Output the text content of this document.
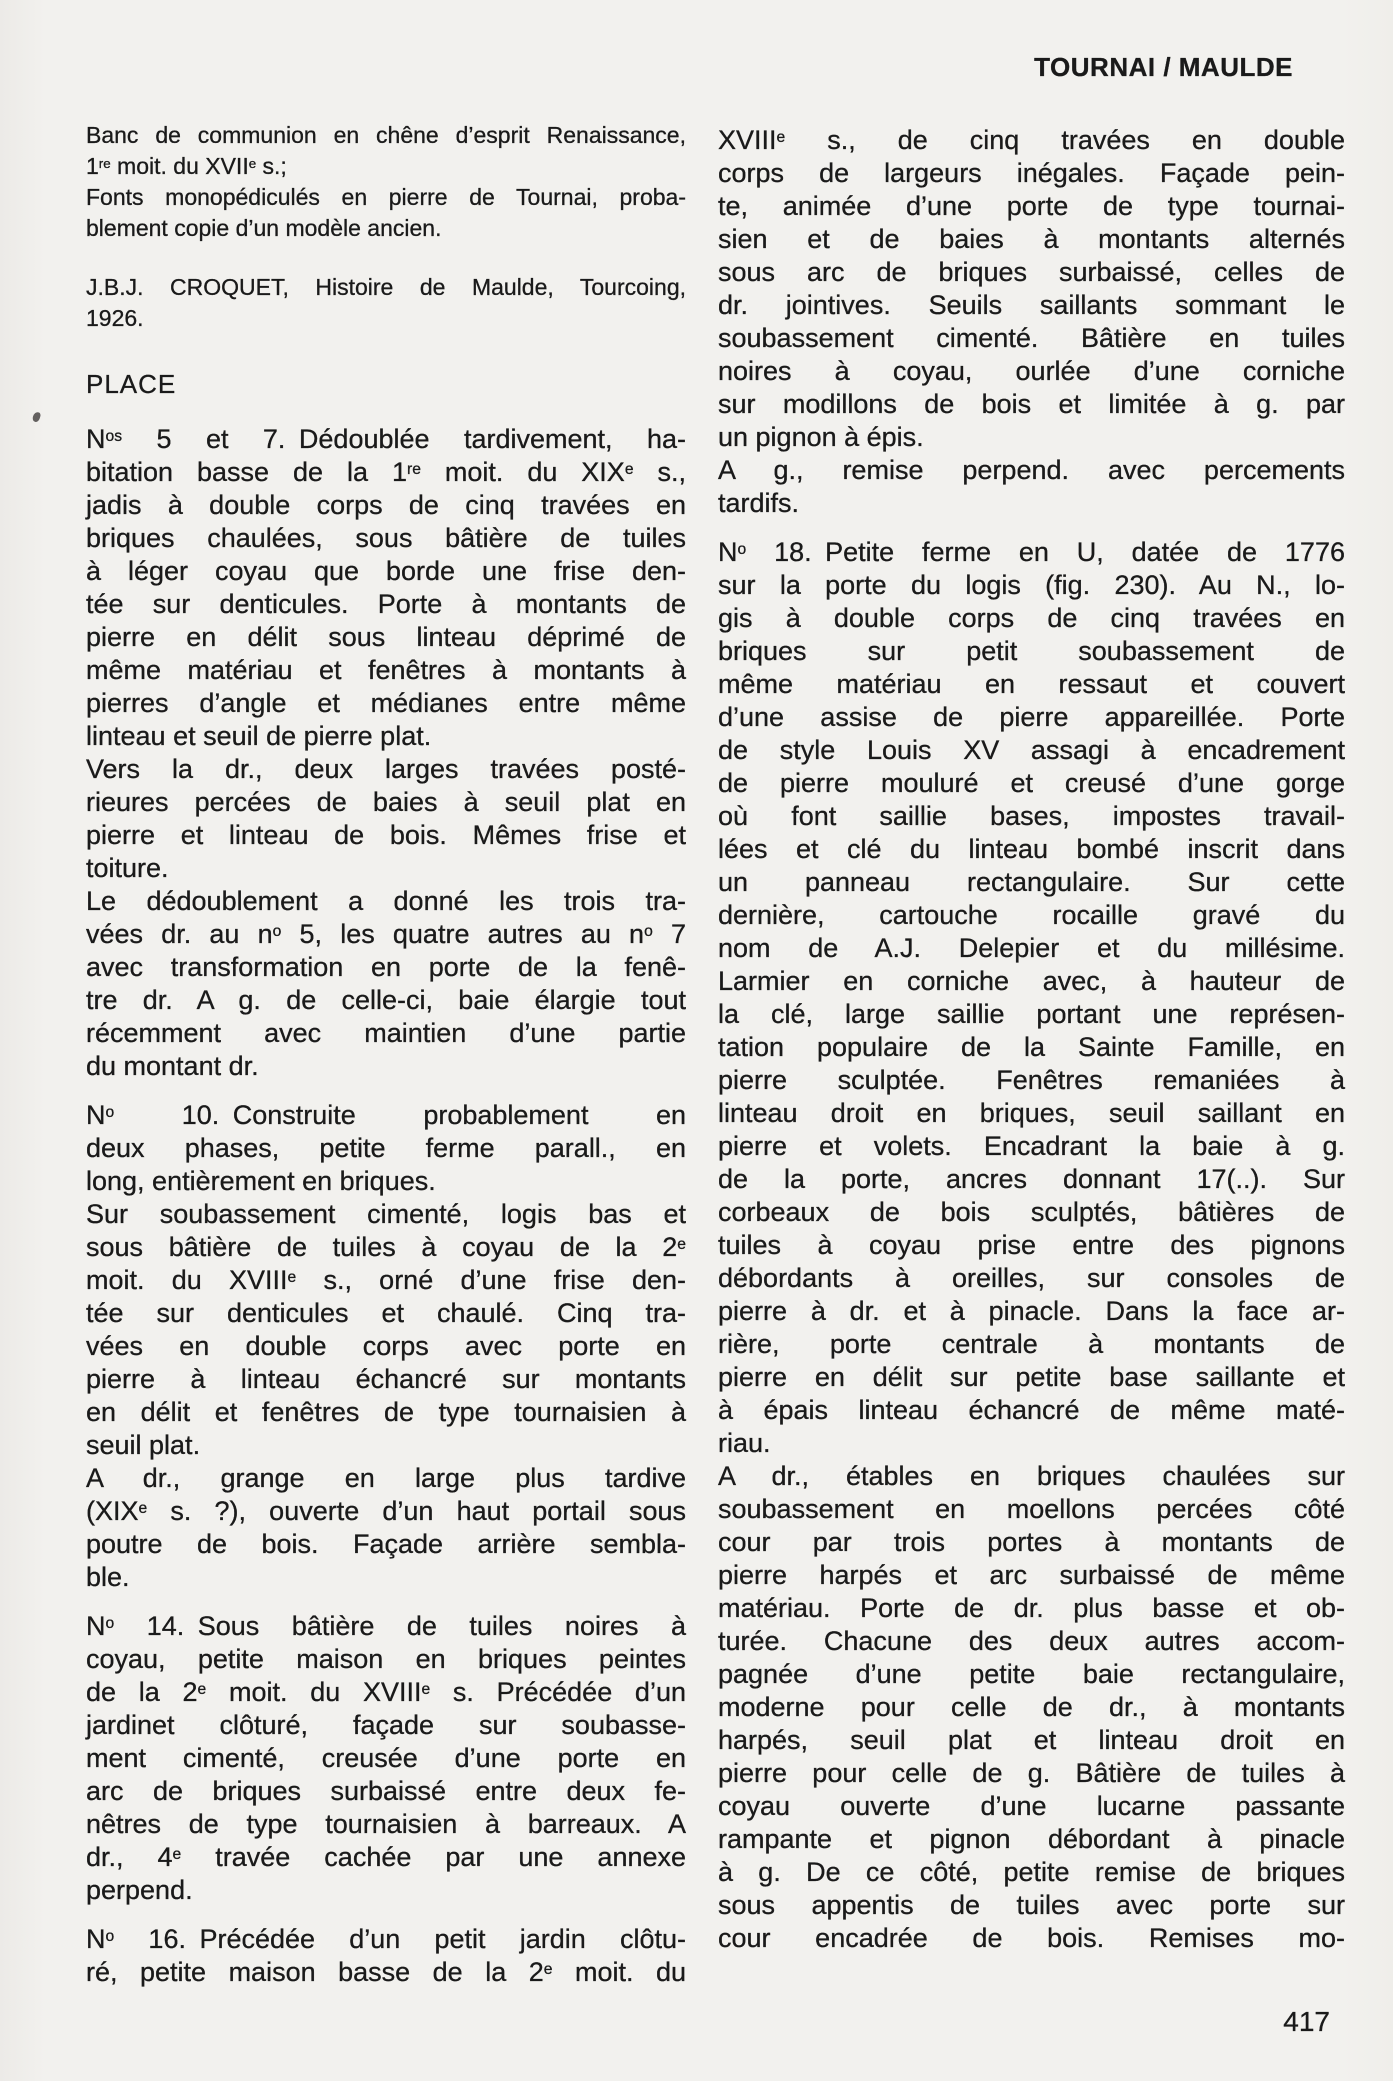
TOURNAI / MAULDE
Banc de communion en chêne d’esprit Renaissance,
1re moit. du XVIIe s.;
Fonts monopédiculés en pierre de Tournai, proba-
blement copie d’un modèle ancien.
J.B.J. CROQUET, Histoire de Maulde, Tourcoing,
1926.
PLACE
$N^{os}$ 5 et 7. Dédoublée tardivement, ha-
bitation basse de la 1re moit. du XIXe s.,
jadis à double corps de cinq travées en
briques chaulées, sous bâtière de tuiles
à léger coyau que borde une frise den-
tée sur denticules. Porte à montants de
pierre en délit sous linteau déprimé de
même matériau et fenêtres à montants à
pierres d’angle et médianes entre même
linteau et seuil de pierre plat.
Vers la dr., deux larges travées posté-
rieures percées de baies à seuil plat en
pierre et linteau de bois. Mêmes frise et
toiture.
Le dédoublement a donné les trois tra-
vées dr. au $n^o$ 5, les quatre autres au $n^o$ 7
avec transformation en porte de la fenê-
tre dr. A g. de celle-ci, baie élargie tout
récemment avec maintien d’une partie
du montant dr.
$N^o$ 10. Construite probablement en
deux phases, petite ferme parall., en
long, entièrement en briques.
Sur soubassement cimenté, logis bas et
sous bâtière de tuiles à coyau de la 2e
moit. du XVIIIe s., orné d’une frise den-
tée sur denticules et chaulé. Cinq tra-
vées en double corps avec porte en
pierre à linteau échancré sur montants
en délit et fenêtres de type tournaisien à
seuil plat.
A dr., grange en large plus tardive
(XIXe s. ?), ouverte d’un haut portail sous
poutre de bois. Façade arrière sembla-
ble.
$N^o$ 14. Sous bâtière de tuiles noires à
coyau, petite maison en briques peintes
de la 2e moit. du XVIIIe s. Précédée d’un
jardinet clôturé, façade sur soubasse-
ment cimenté, creusée d’une porte en
arc de briques surbaissé entre deux fe-
nêtres de type tournaisien à barreaux. A
dr., 4e travée cachée par une annexe
perpend.
$N^o$ 16. Précédée d’un petit jardin clôtu-
ré, petite maison basse de la 2e moit. du
XVIIIe s., de cinq travées en double
corps de largeurs inégales. Façade pein-
te, animée d’une porte de type tournai-
sien et de baies à montants alternés
sous arc de briques surbaissé, celles de
dr. jointives. Seuils saillants sommant le
soubassement cimenté. Bâtière en tuiles
noires à coyau, ourlée d’une corniche
sur modillons de bois et limitée à g. par
un pignon à épis.
A g., remise perpend. avec percements
tardifs.
$N^o$ 18. Petite ferme en U, datée de 1776
sur la porte du logis (fig. 230). Au N., lo-
gis à double corps de cinq travées en
briques sur petit soubassement de
même matériau en ressaut et couvert
d’une assise de pierre appareillée. Porte
de style Louis XV assagi à encadrement
de pierre mouluré et creusé d’une gorge
où font saillie bases, impostes travail-
lées et clé du linteau bombé inscrit dans
un panneau rectangulaire. Sur cette
dernière, cartouche rocaille gravé du
nom de A.J. Delepier et du millésime.
Larmier en corniche avec, à hauteur de
la clé, large saillie portant une représen-
tation populaire de la Sainte Famille, en
pierre sculptée. Fenêtres remaniées à
linteau droit en briques, seuil saillant en
pierre et volets. Encadrant la baie à g.
de la porte, ancres donnant 17(..). Sur
corbeaux de bois sculptés, bâtières de
tuiles à coyau prise entre des pignons
débordants à oreilles, sur consoles de
pierre à dr. et à pinacle. Dans la face ar-
rière, porte centrale à montants de
pierre en délit sur petite base saillante et
à épais linteau échancré de même maté-
riau.
A dr., étables en briques chaulées sur
soubassement en moellons percées côté
cour par trois portes à montants de
pierre harpés et arc surbaissé de même
matériau. Porte de dr. plus basse et ob-
turée. Chacune des deux autres accom-
pagnée d’une petite baie rectangulaire,
moderne pour celle de dr., à montants
harpés, seuil plat et linteau droit en
pierre pour celle de g. Bâtière de tuiles à
coyau ouverte d’une lucarne passante
rampante et pignon débordant à pinacle
à g. De ce côté, petite remise de briques
sous appentis de tuiles avec porte sur
cour encadrée de bois. Remises mo-
417
